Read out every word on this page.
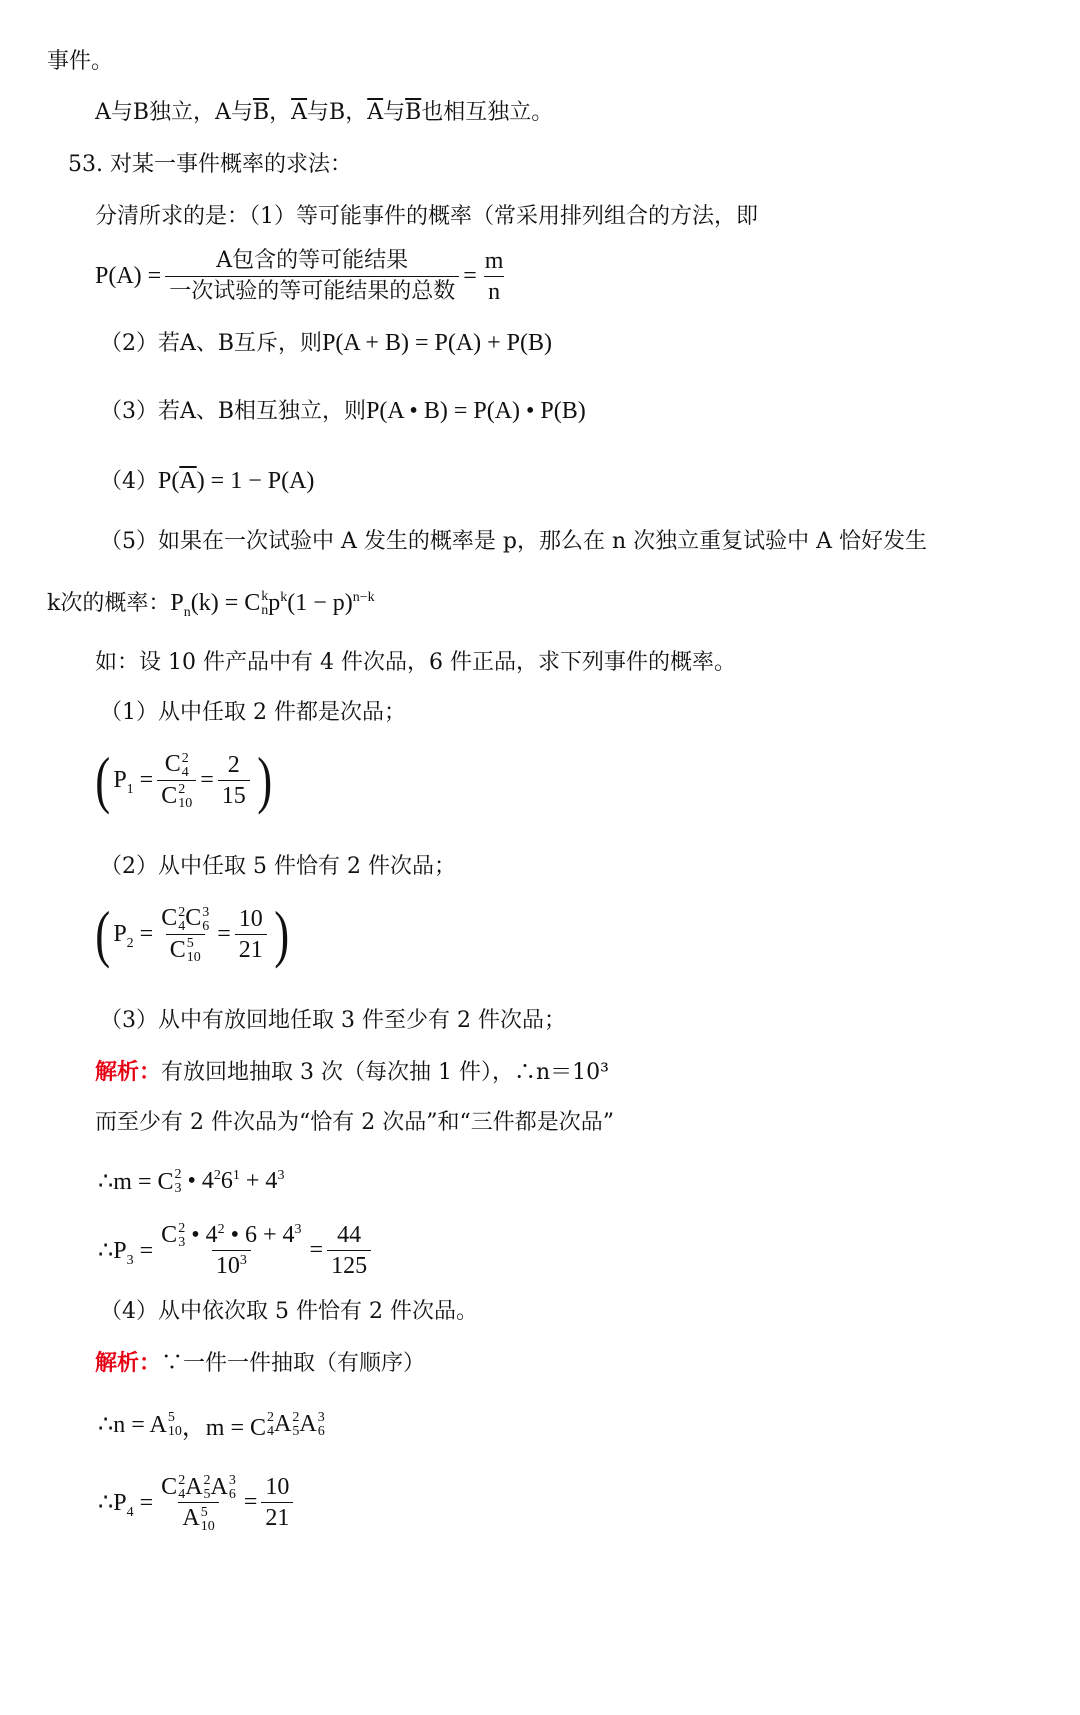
事件。
A与B独立，A与$\overline{B}$，$\overline{A}$与B，$\overline{A}$与$\overline{B}$也相互独立。
53. 对某一事件概率的求法：
分清所求的是：（1）等可能事件的概率（常采用排列组合的方法，即
$P(A) = \frac{\text{A包含的等可能结果}}{\text{一次试验的等可能结果的总数}} = \frac{m}{n}$
（2）若A、B互斥，则P(A + B) = P(A) + P(B)
（3）若A、B相互独立，则P(A • B) = P(A) • P(B)
$(4)P(\overline{A}) = 1 - P(A)$
（5）如果在一次试验中 A 发生的概率是 p，那么在 n 次独立重复试验中 A 恰好发生
k次的概率：$P_n(k) = C$ k
n $p^k(1 - p)^{n-k}$
如：设 10 件产品中有 4 件次品，6 件正品，求下列事件的概率。
（1）从中任取 2 件都是次品；
( $P_1 = C$ 2
4
C 2
$10 = \frac{2}{15}$ )
（2）从中任取 5 件恰有 2 件次品；
( $P_2 = C$ 2
4 C 3
6
C 5
$10 = \frac{10}{21}$ )
（3）从中有放回地任取 3 件至少有 2 件次品；
解析：有放回地抽取 3 次（每次抽 1 件），∴n＝10³
而至少有 2 件次品为“恰有 2 次品”和“三件都是次品”
∴m = C 2
3 • $4^26^1 + 4^3$
$\therefore P_3 = C$ 2
3 • $4^2$ • $6 + 4^3$
$10^3 = \frac{44}{125}$
（4）从中依次取 5 件恰有 2 件次品。
解析：∵一件一件抽取（有顺序）
∴n = A 5
10 ，m = C 2
4 A 2
5 A 3
6
$\therefore P_4 = C$ 2
4 A 2
5 A 3
6
A 5
$10 = \frac{10}{21}$
